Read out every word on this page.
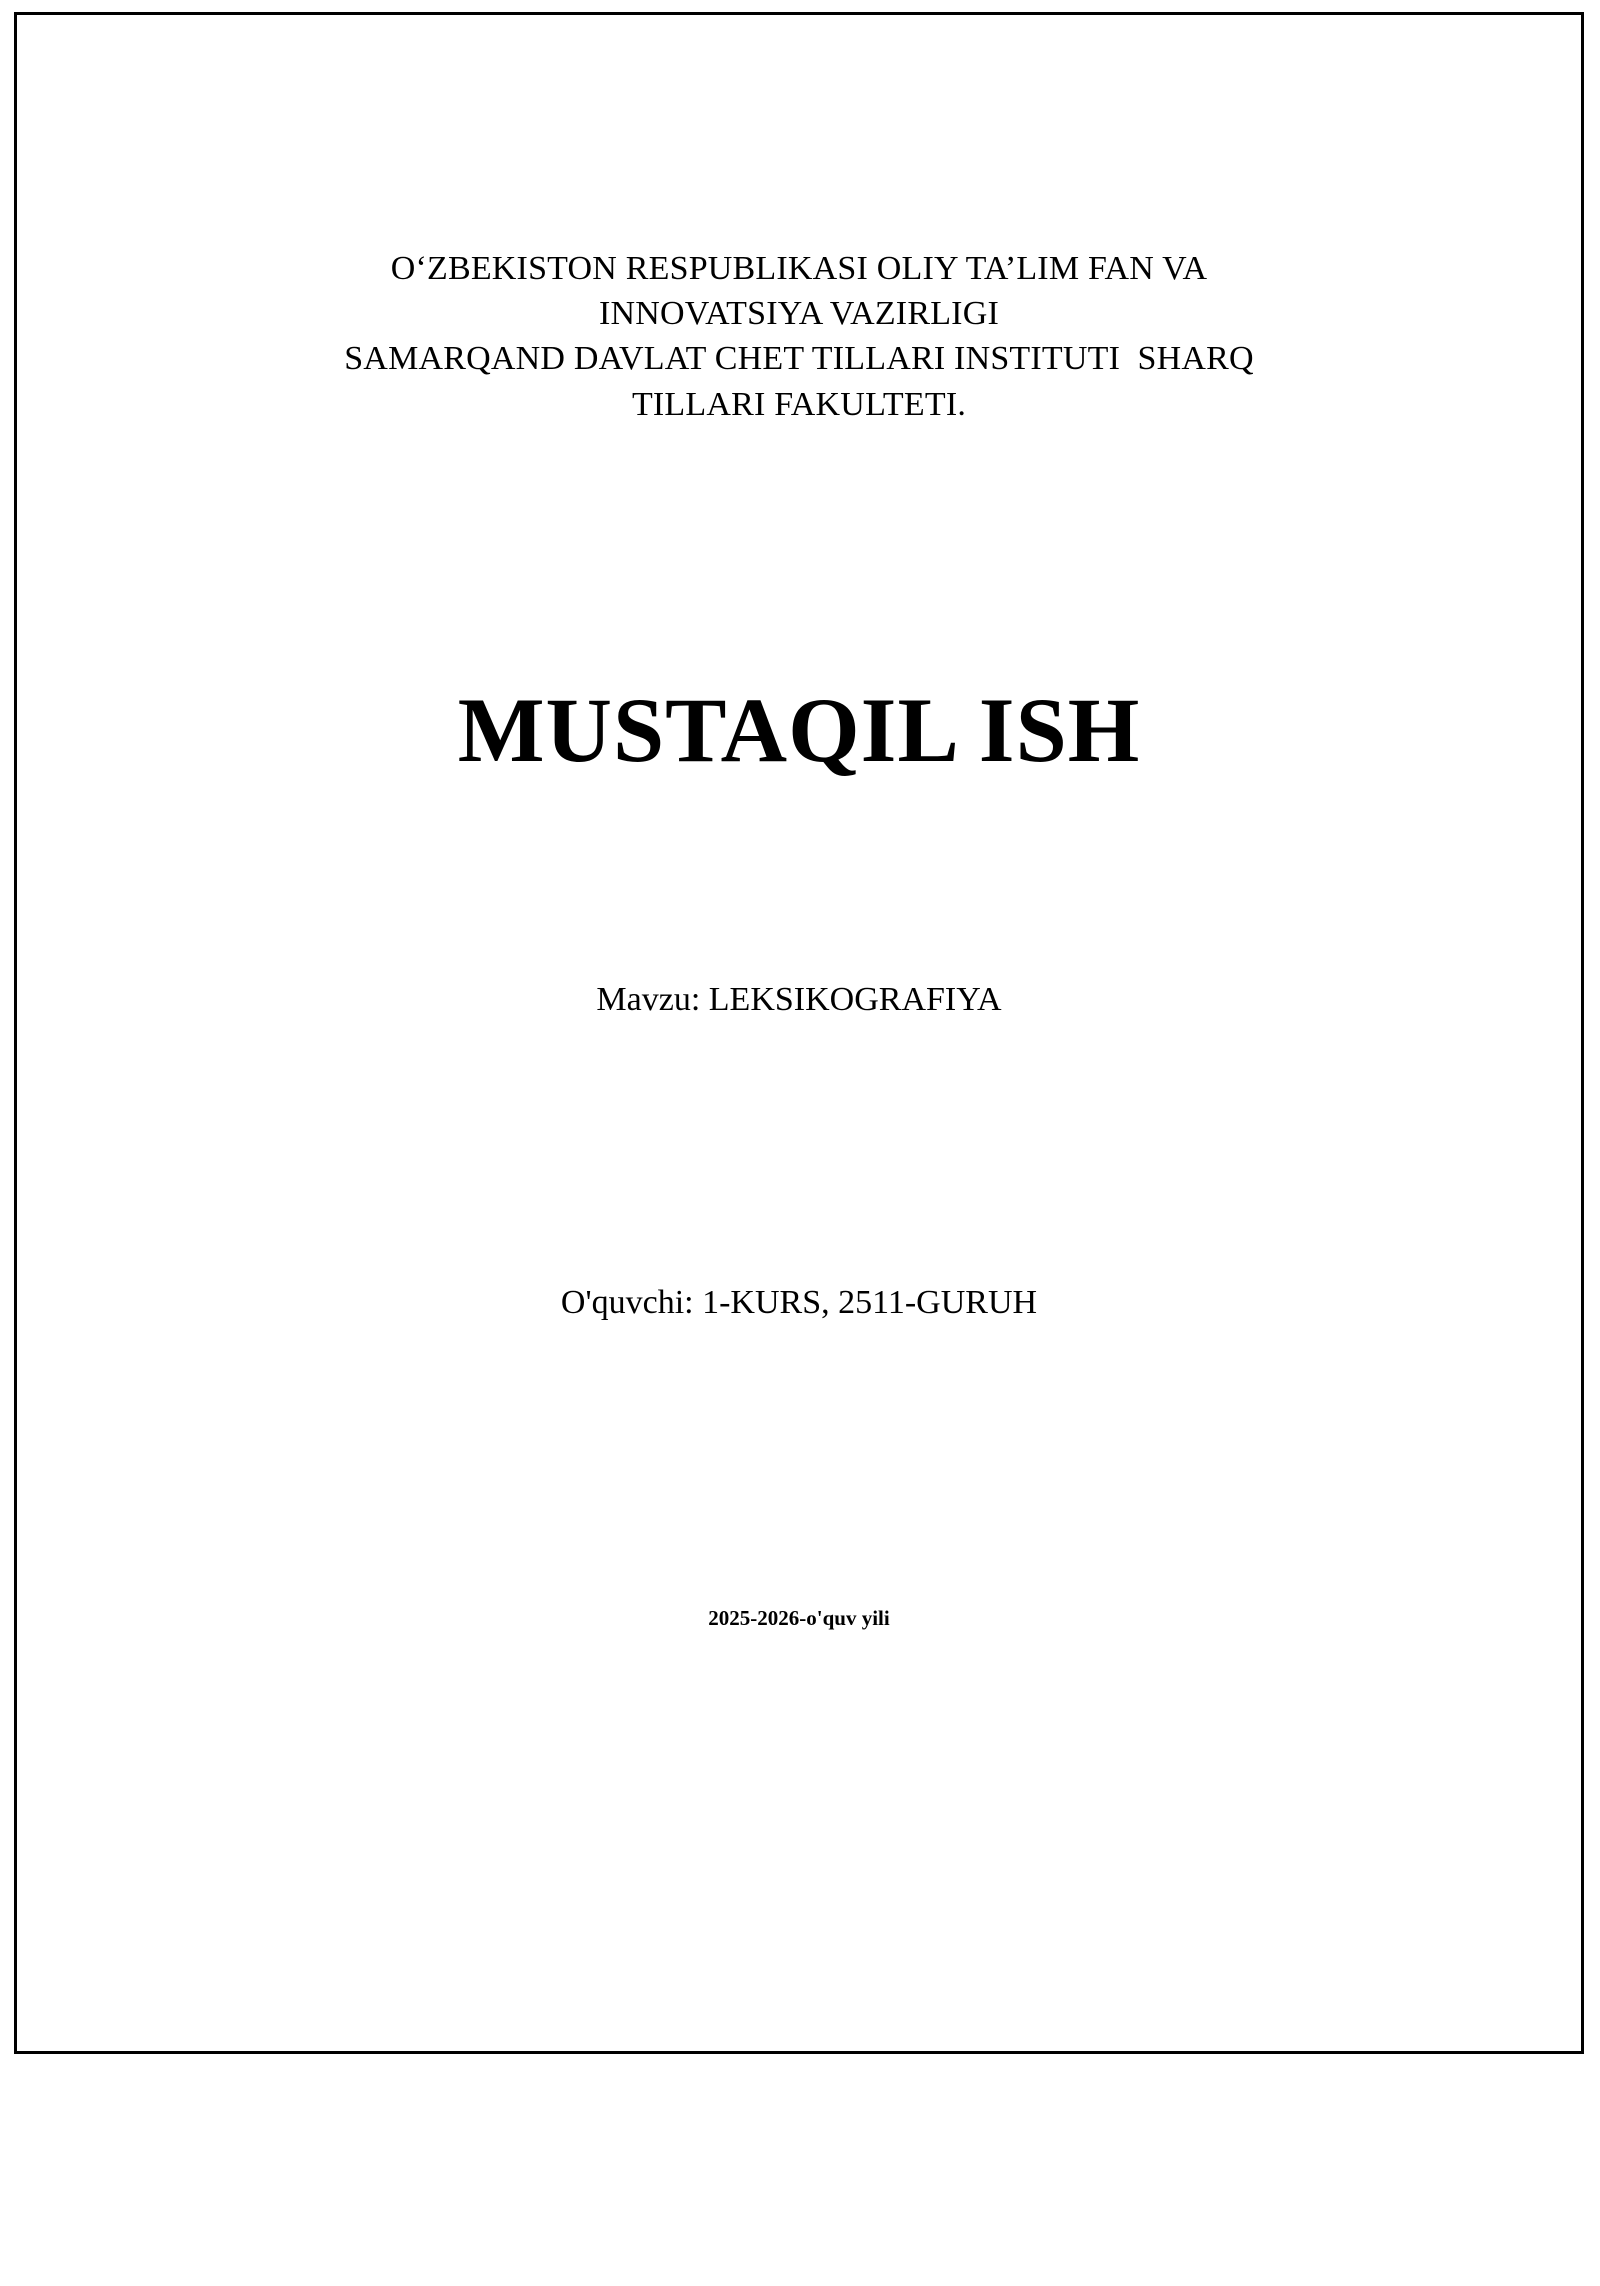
O‘ZBEKISTON RESPUBLIKASI OLIY TA’LIM FAN VA
INNOVATSIYA VAZIRLIGI
SAMARQAND DAVLAT CHET TILLARI INSTITUTI  SHARQ
TILLARI FAKULTETI.
MUSTAQIL ISH
Mavzu: LEKSIKOGRAFIYA
O'quvchi: 1-KURS, 2511-GURUH
2025-2026-o'quv yili
